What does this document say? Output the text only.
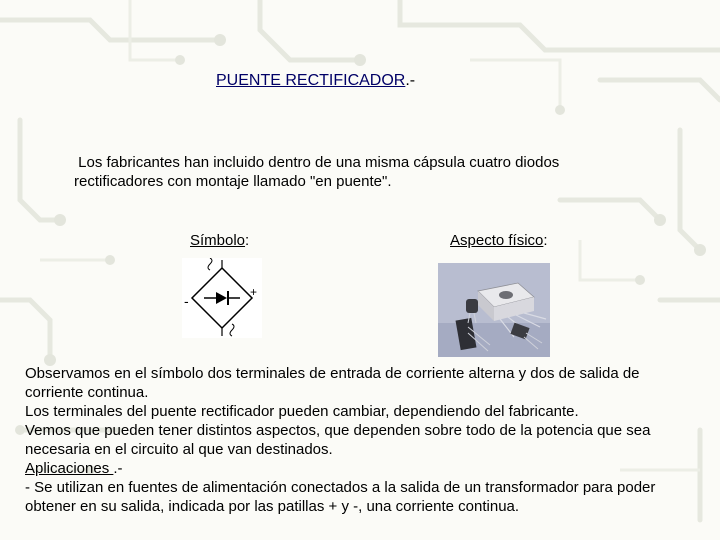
PUENTE RECTIFICADOR.-
Los fabricantes han incluido dentro de una misma cápsula cuatro diodos
rectificadores con montaje llamado "en puente".
Símbolo:	Aspecto físico:
+
-

Observamos en el símbolo dos terminales de entrada de corriente alterna y dos de salida de corriente continua.

Los terminales del puente rectificador pueden cambiar, dependiendo del fabricante.

Vemos que pueden tener distintos aspectos, que dependen sobre todo de la potencia que sea necesaria en el circuito al que van destinados.

Aplicaciones .-

- Se utilizan en fuentes de alimentación conectados a la salida de un transformador para poder obtener en su salida, indicada por las patillas + y -, una corriente continua.
